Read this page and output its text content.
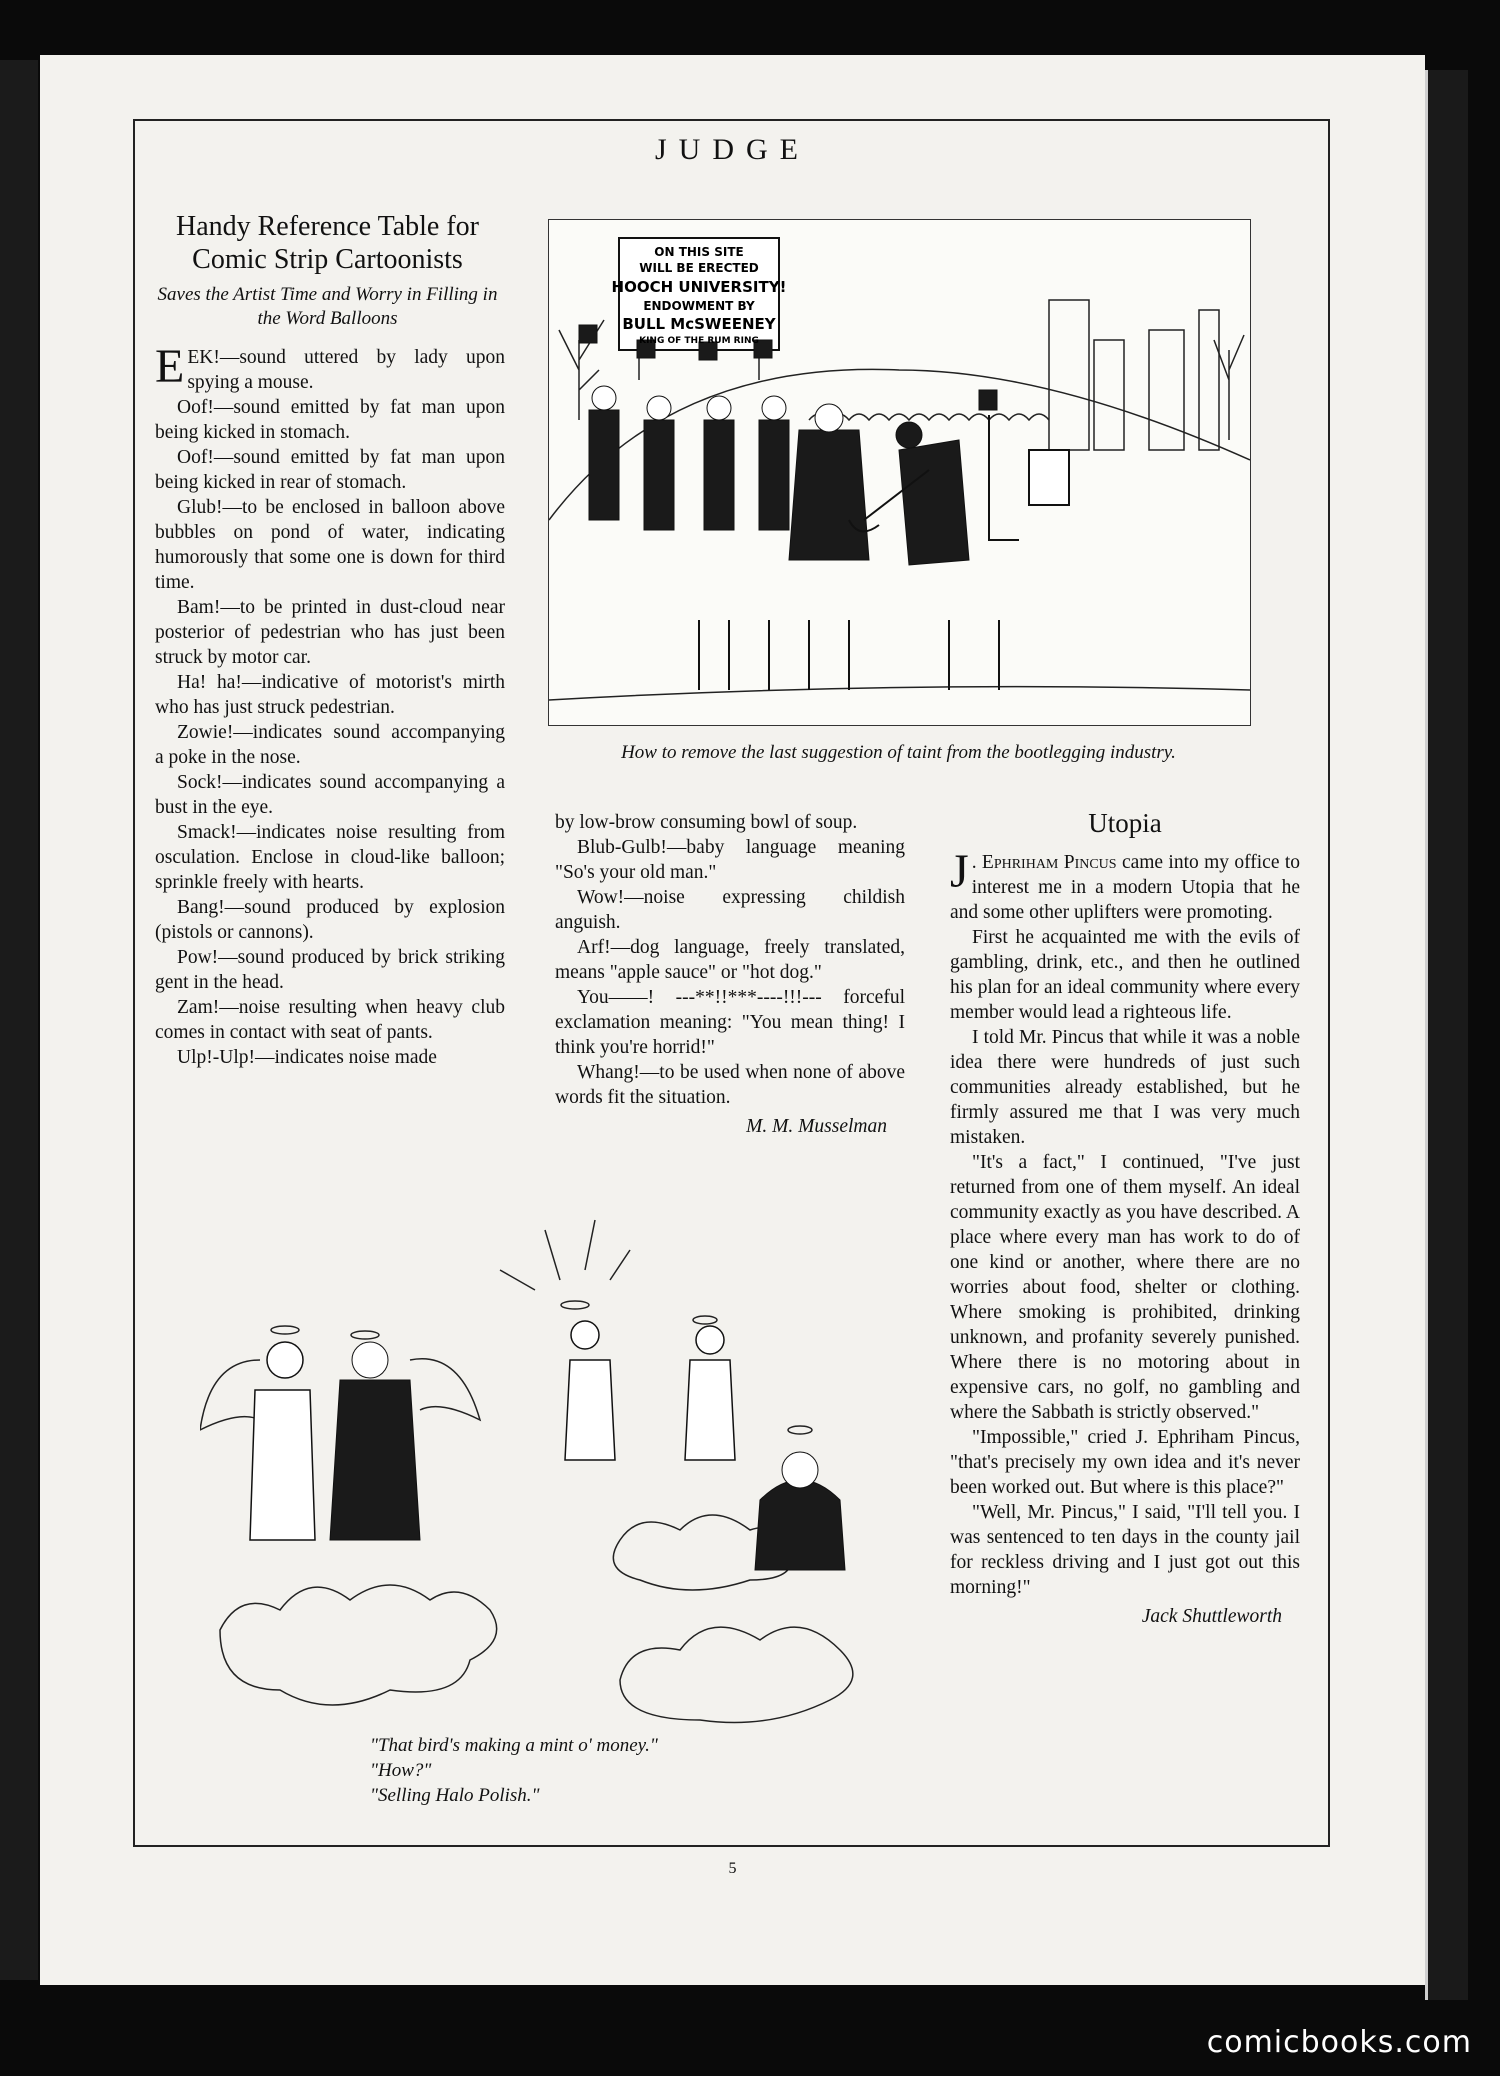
JUDGE
5
Handy Reference Table for Comic Strip Cartoonists
Saves the Artist Time and Worry in Filling in the Word Balloons

EEK!—sound uttered by lady upon spying a mouse.

Oof!—sound emitted by fat man upon being kicked in stomach.

Oof!—sound emitted by fat man upon being kicked in rear of stomach.

Glub!—to be enclosed in balloon above bubbles on pond of water, indicating humorously that some one is down for third time.

Bam!—to be printed in dust-cloud near posterior of pedestrian who has just been struck by motor car.

Ha! ha!—indicative of motorist's mirth who has just struck pedestrian.

Zowie!—indicates sound accompanying a poke in the nose.

Sock!—indicates sound accompanying a bust in the eye.

Smack!—indicates noise resulting from osculation. Enclose in cloud-like balloon; sprinkle freely with hearts.

Bang!—sound produced by explosion (pistols or cannons).

Pow!—sound produced by brick striking gent in the head.

Zam!—noise resulting when heavy club comes in contact with seat of pants.

Ulp!-Ulp!—indicates noise made

by low-brow consuming bowl of soup.

Blub-Gulb!—baby language meaning "So's your old man."

Wow!—noise expressing childish anguish.

Arf!—dog language, freely translated, means "apple sauce" or "hot dog."

You——! ---**!!***----!!!--- forceful exclamation meaning: "You mean thing! I think you're horrid!"

Whang!—to be used when none of above words fit the situation.

M. M. Musselman
ON THIS SITE
WILL BE ERECTED
HOOCH UNIVERSITY!
ENDOWMENT BY
BULL McSWEENEY
KING OF THE RUM RING
How to remove the last suggestion of taint from the bootlegging industry.
Utopia

J . Ephriham Pincus came into my office to interest me in a modern Utopia that he and some other uplifters were promoting.

First he acquainted me with the evils of gambling, drink, etc., and then he outlined his plan for an ideal community where every member would lead a righteous life.

I told Mr. Pincus that while it was a noble idea there were hundreds of just such communities already established, but he firmly assured me that I was very much mistaken.

"It's a fact," I continued, "I've just returned from one of them myself. An ideal community exactly as you have described. A place where every man has work to do of one kind or another, where there are no worries about food, shelter or clothing. Where smoking is prohibited, drinking unknown, and profanity severely punished. Where there is no motoring about in expensive cars, no golf, no gambling and where the Sabbath is strictly observed."

"Impossible," cried J. Ephriham Pincus, "that's precisely my own idea and it's never been worked out. But where is this place?"

"Well, Mr. Pincus," I said, "I'll tell you. I was sentenced to ten days in the county jail for reckless driving and I just got out this morning!"

Jack Shuttleworth
"That bird's making a mint o' money."
"How?"
"Selling Halo Polish."
comicbooks.com
